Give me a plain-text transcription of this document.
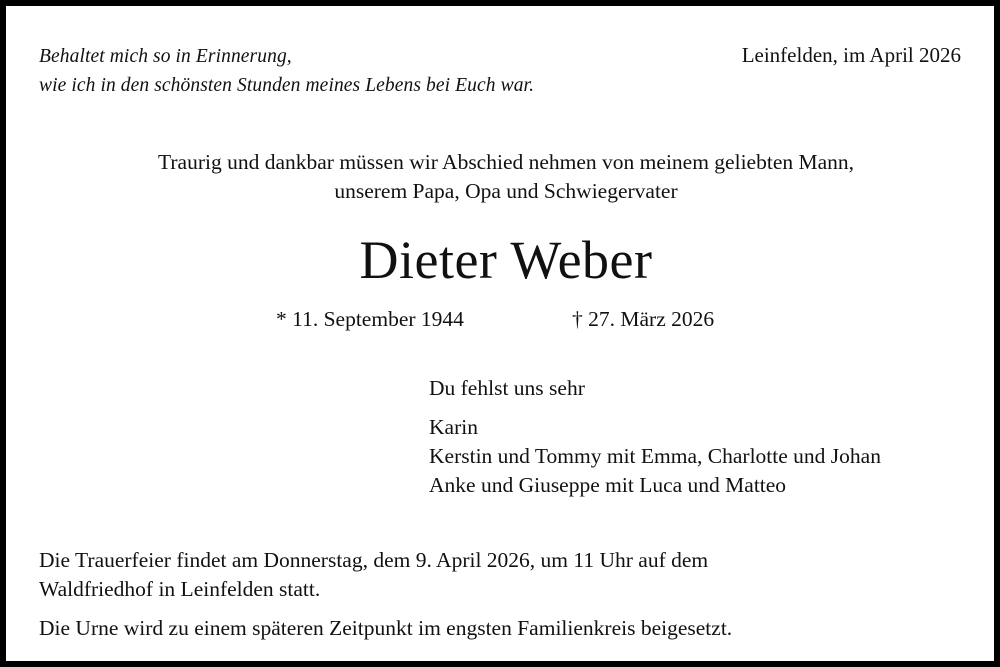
Behaltet mich so in Erinnerung,
wie ich in den schönsten Stunden meines Lebens bei Euch war.
Leinfelden, im April 2026
Traurig und dankbar müssen wir Abschied nehmen von meinem geliebten Mann,
unserem Papa, Opa und Schwiegervater
Dieter Weber
* 11. September 1944	† 27. März 2026
Du fehlst uns sehr
Karin
Kerstin und Tommy mit Emma, Charlotte und Johan
Anke und Giuseppe mit Luca und Matteo
Die Trauerfeier findet am Donnerstag, dem 9. April 2026, um 11 Uhr auf dem
Waldfriedhof in Leinfelden statt.
Die Urne wird zu einem späteren Zeitpunkt im engsten Familienkreis beigesetzt.
